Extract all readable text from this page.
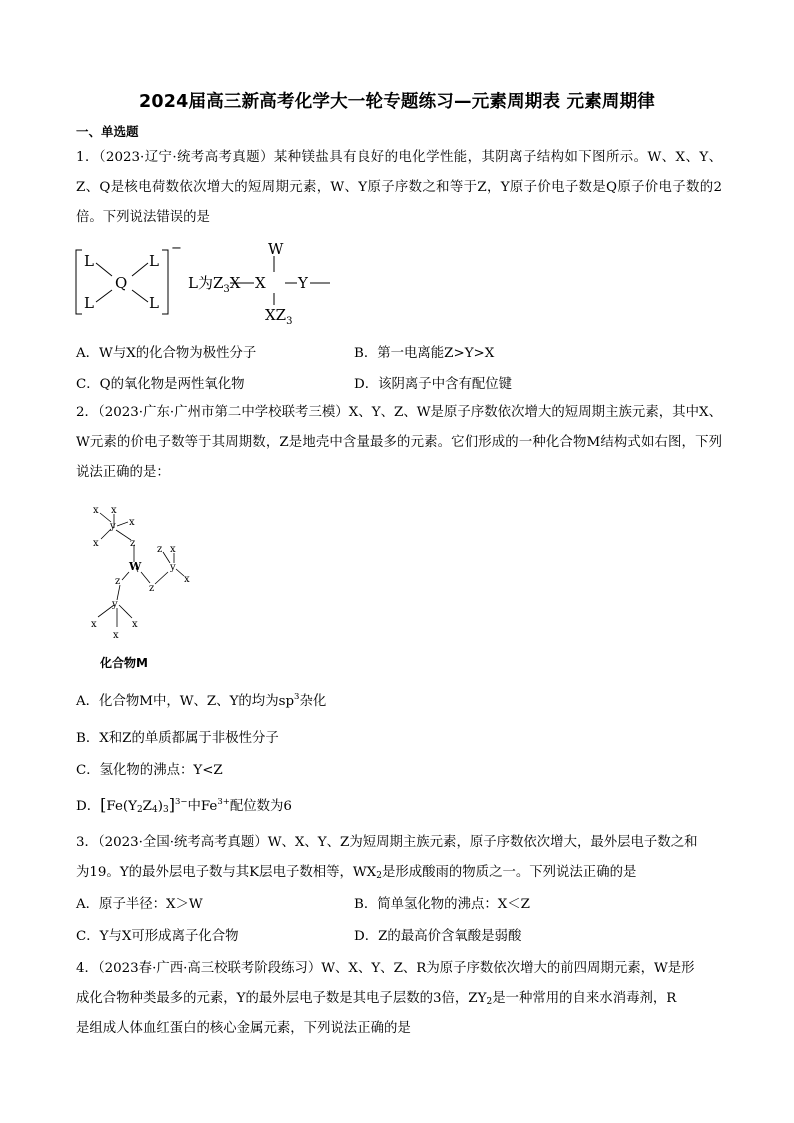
2024届高三新高考化学大一轮专题练习—元素周期表 元素周期律
一、单选题
1．（2023·辽宁·统考高考真题）某种镁盐具有良好的电化学性能，其阴离子结构如下图所示。W、X、Y、Z、Q是核电荷数依次增大的短周期元素，W、Y原子序数之和等于Z，Y原子价电子数是Q原子价电子数的2倍。下列说法错误的是
L	L
L	L
Q
−
L为$Z_3X$ X
W
Y
$XZ_3$
A．W与X的化合物为极性分子	B．第一电离能Z>Y>X
C．Q的氧化物是两性氧化物	D．该阴离子中含有配位键
2．（2023·广东·广州市第二中学校联考三模）X、Y、Z、W是原子序数依次增大的短周期主族元素，其中X、W元素的价电子数等于其周期数，Z是地壳中含量最多的元素。它们形成的一种化合物M结构式如右图，下列说法正确的是：
x x
x
y
x	z
W
z x
y
x
z
z
y
x	x
x
化合物M
A．化合物M中，W、Z、Y的均为$sp^3$杂化
B．X和Z的单质都属于非极性分子
C．氢化物的沸点：Y<Z
D．$[Fe(Y_2Z_4)_3]^{3-}$中$Fe^{3+}$配位数为6
3．（2023·全国·统考高考真题）W、X、Y、Z为短周期主族元素，原子序数依次增大，最外层电子数之和
为19。Y的最外层电子数与其K层电子数相等，$WX_2$是形成酸雨的物质之一。下列说法正确的是
A．原子半径：X＞W	B．简单氢化物的沸点：X＜Z
C．Y与X可形成离子化合物	D．Z的最高价含氧酸是弱酸
4．（2023春·广西·高三校联考阶段练习）W、X、Y、Z、R为原子序数依次增大的前四周期元素，W是形
成化合物种类最多的元素，Y的最外层电子数是其电子层数的3倍，$ZY_2$是一种常用的自来水消毒剂，R
是组成人体血红蛋白的核心金属元素，下列说法正确的是
